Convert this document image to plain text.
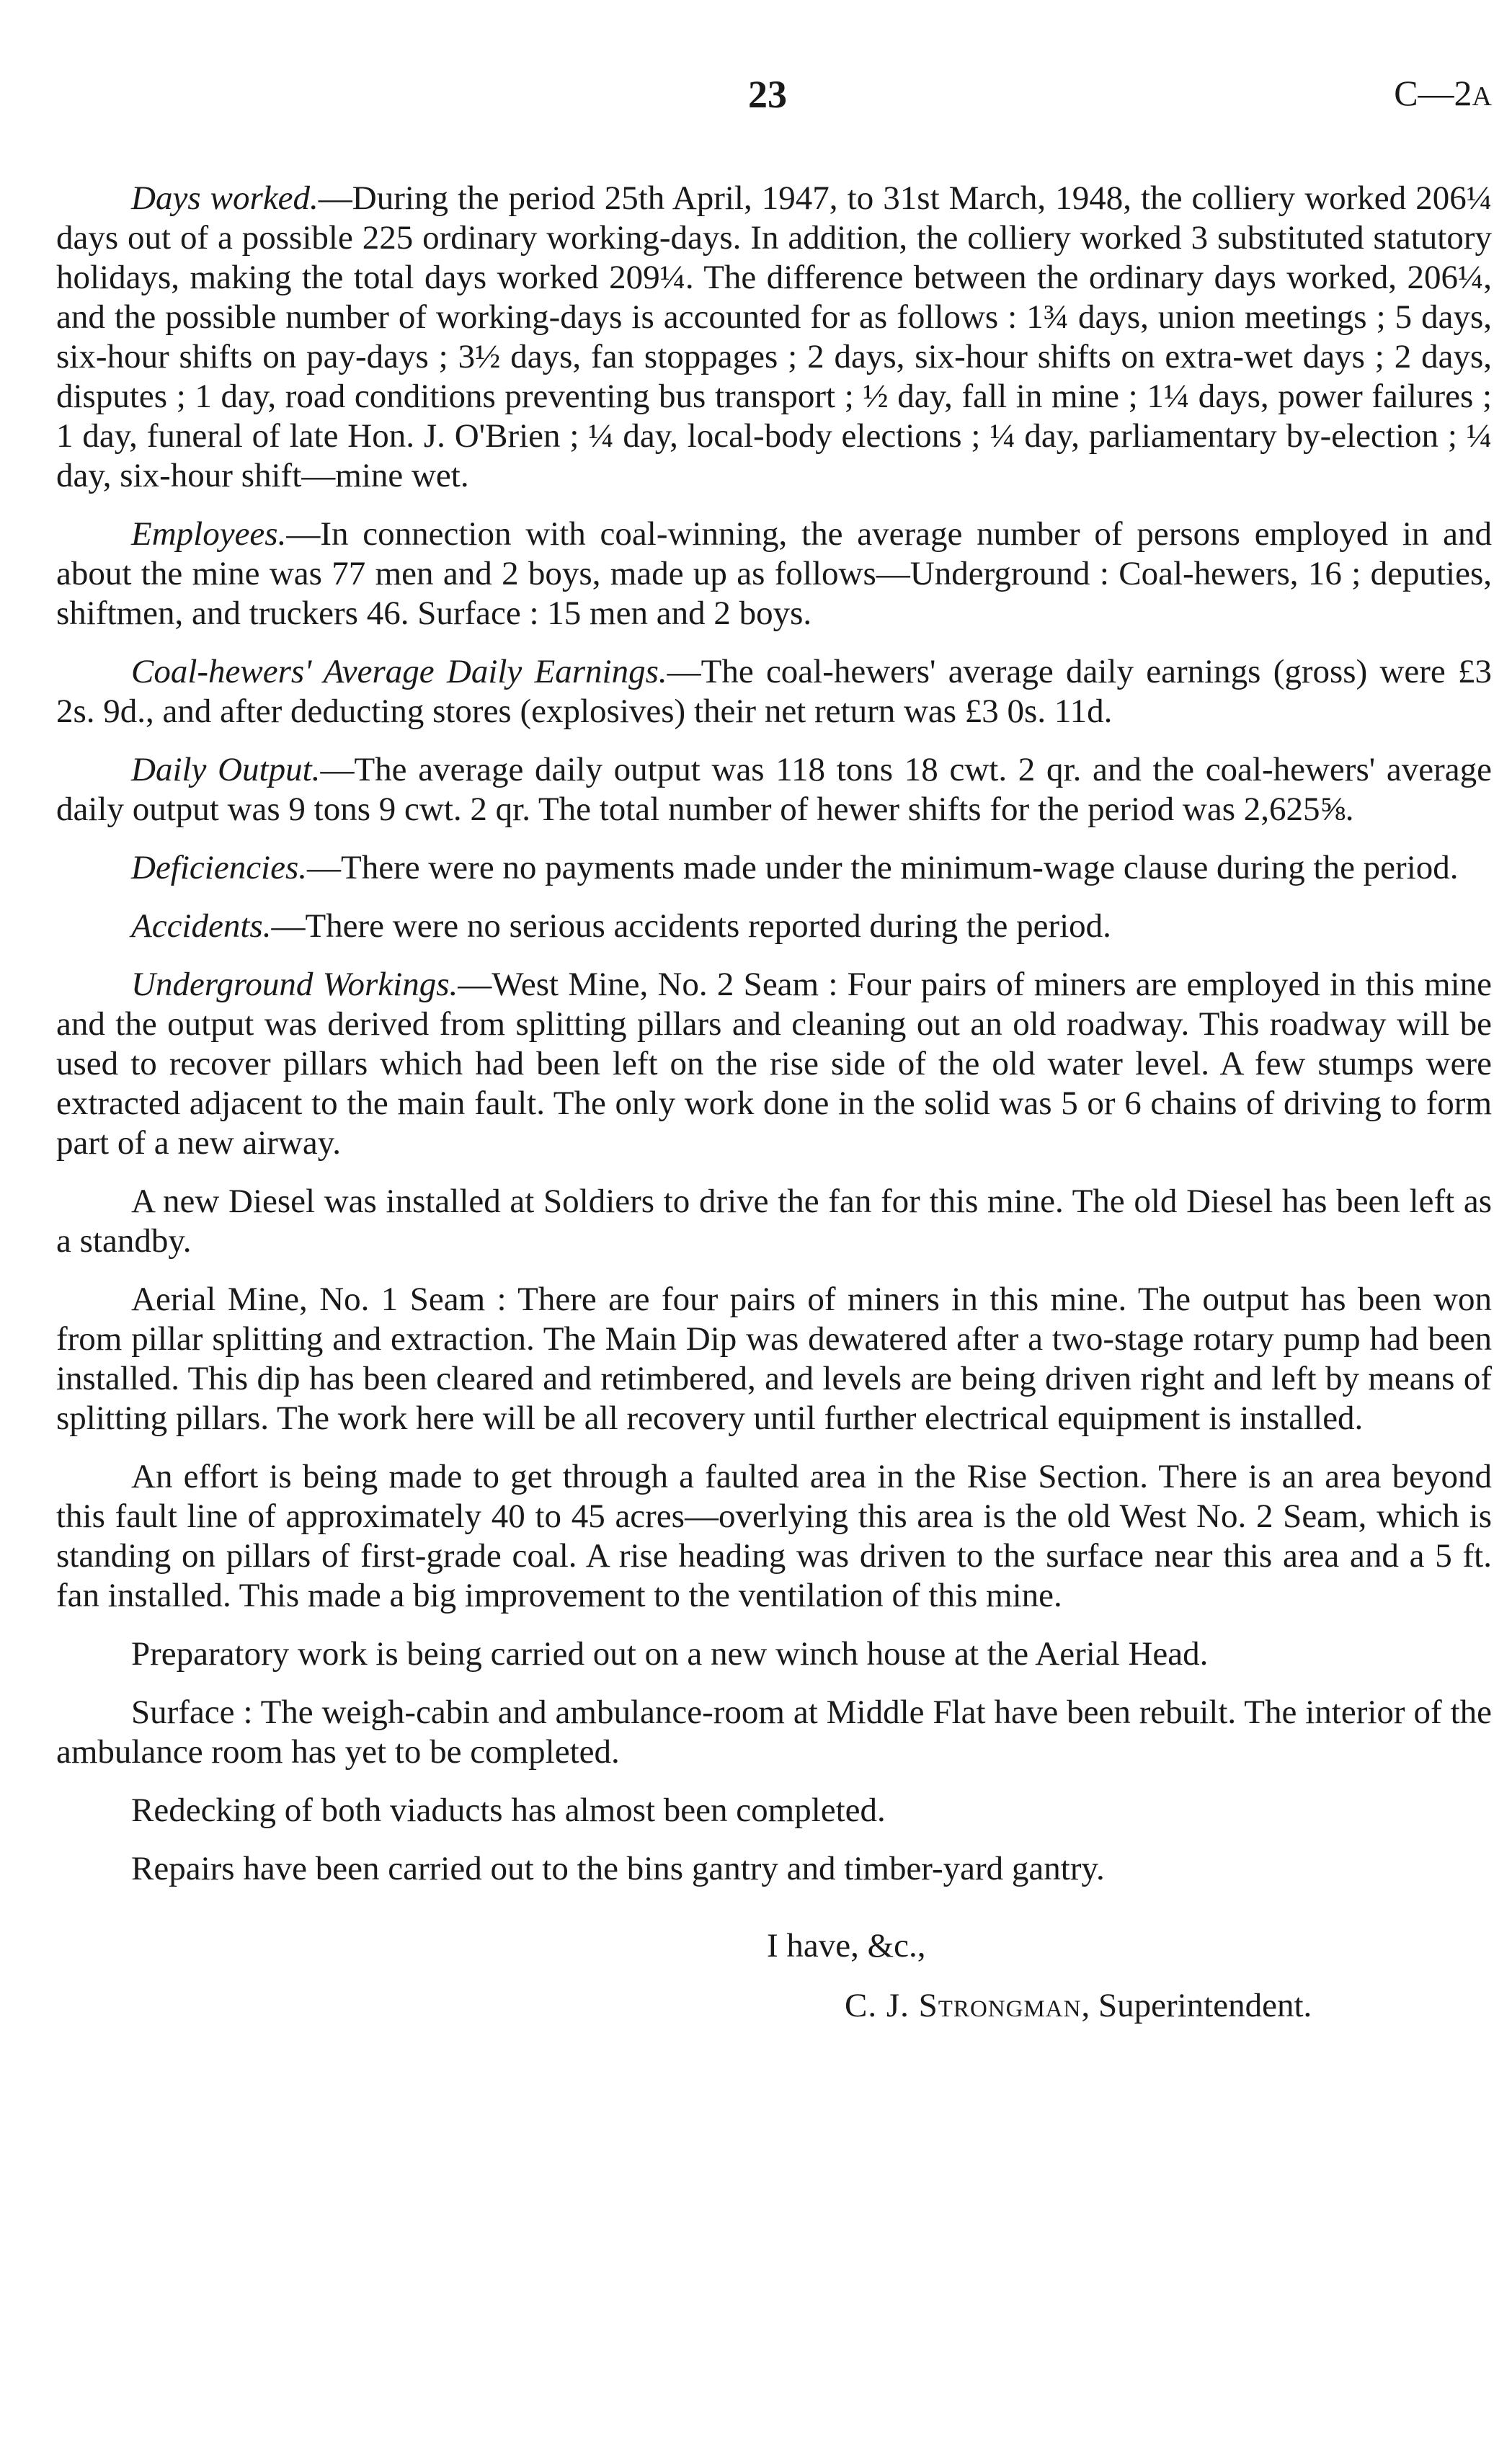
23	C—2A

Days worked.—During the period 25th April, 1947, to 31st March, 1948, the colliery worked 206¼ days out of a possible 225 ordinary working-days. In addition, the colliery worked 3 substituted statutory holidays, making the total days worked 209¼. The difference between the ordinary days worked, 206¼, and the possible number of working-days is accounted for as follows : 1¾ days, union meetings ; 5 days, six-hour shifts on pay-days ; 3½ days, fan stoppages ; 2 days, six-hour shifts on extra-wet days ; 2 days, disputes ; 1 day, road conditions preventing bus transport ; ½ day, fall in mine ; 1¼ days, power failures ; 1 day, funeral of late Hon. J. O'Brien ; ¼ day, local-body elections ; ¼ day, parliamentary by-election ; ¼ day, six-hour shift—mine wet.

Employees.—In connection with coal-winning, the average number of persons employed in and about the mine was 77 men and 2 boys, made up as follows—Underground : Coal-hewers, 16 ; deputies, shiftmen, and truckers 46. Surface : 15 men and 2 boys.

Coal-hewers' Average Daily Earnings.—The coal-hewers' average daily earnings (gross) were £3 2s. 9d., and after deducting stores (explosives) their net return was £3 0s. 11d.

Daily Output.—The average daily output was 118 tons 18 cwt. 2 qr. and the coal-hewers' average daily output was 9 tons 9 cwt. 2 qr. The total number of hewer shifts for the period was 2,625⅝.

Deficiencies.—There were no payments made under the minimum-wage clause during the period.

Accidents.—There were no serious accidents reported during the period.

Underground Workings.—West Mine, No. 2 Seam : Four pairs of miners are employed in this mine and the output was derived from splitting pillars and cleaning out an old roadway. This roadway will be used to recover pillars which had been left on the rise side of the old water level. A few stumps were extracted adjacent to the main fault. The only work done in the solid was 5 or 6 chains of driving to form part of a new airway.

A new Diesel was installed at Soldiers to drive the fan for this mine. The old Diesel has been left as a standby.

Aerial Mine, No. 1 Seam : There are four pairs of miners in this mine. The output has been won from pillar splitting and extraction. The Main Dip was dewatered after a two-stage rotary pump had been installed. This dip has been cleared and retimbered, and levels are being driven right and left by means of splitting pillars. The work here will be all recovery until further electrical equipment is installed.

An effort is being made to get through a faulted area in the Rise Section. There is an area beyond this fault line of approximately 40 to 45 acres—overlying this area is the old West No. 2 Seam, which is standing on pillars of first-grade coal. A rise heading was driven to the surface near this area and a 5 ft. fan installed. This made a big improvement to the ventilation of this mine.

Preparatory work is being carried out on a new winch house at the Aerial Head.

Surface : The weigh-cabin and ambulance-room at Middle Flat have been rebuilt. The interior of the ambulance room has yet to be completed.

Redecking of both viaducts has almost been completed.

Repairs have been carried out to the bins gantry and timber-yard gantry.

I have, &c.,
C. J. Strongman, Superintendent.
